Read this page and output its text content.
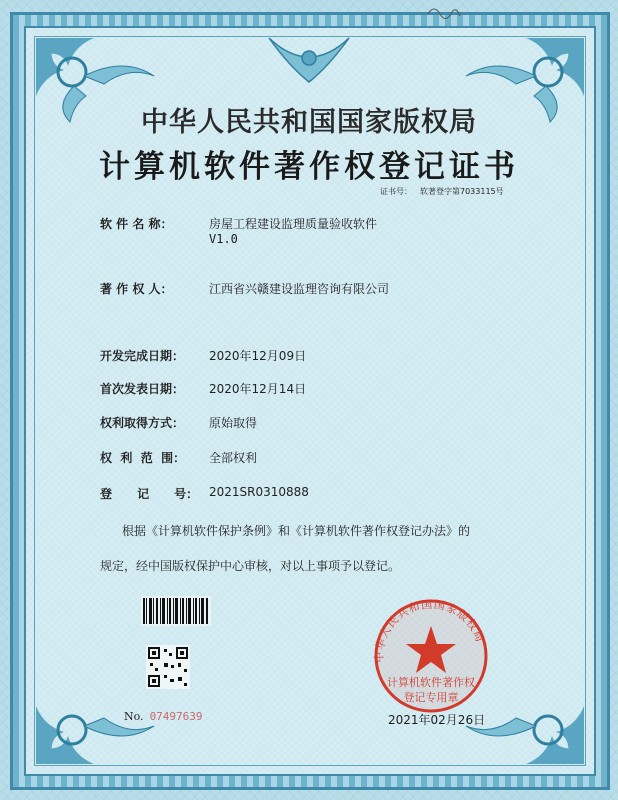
中华人民共和国国家版权局
计算机软件著作权登记证书
证书号： 软著登字第7033115号
软 件 名 称：	房屋工程建设监理质量验收软件
V1.0
著 作 权 人：	江西省兴赣建设监理咨询有限公司
开发完成日期： 2020年12月09日
首次发表日期： 2020年12月14日
权利取得方式： 原始取得
权  利  范  围： 全部权利
登      记      号： 2021SR0310888
根据《计算机软件保护条例》和《计算机软件著作权登记办法》的
规定，经中国版权保护中心审核，对以上事项予以登记。
No. 07497639
中华人民共和国国家版权局
计算机软件著作权
登记专用章
2021年02月26日
